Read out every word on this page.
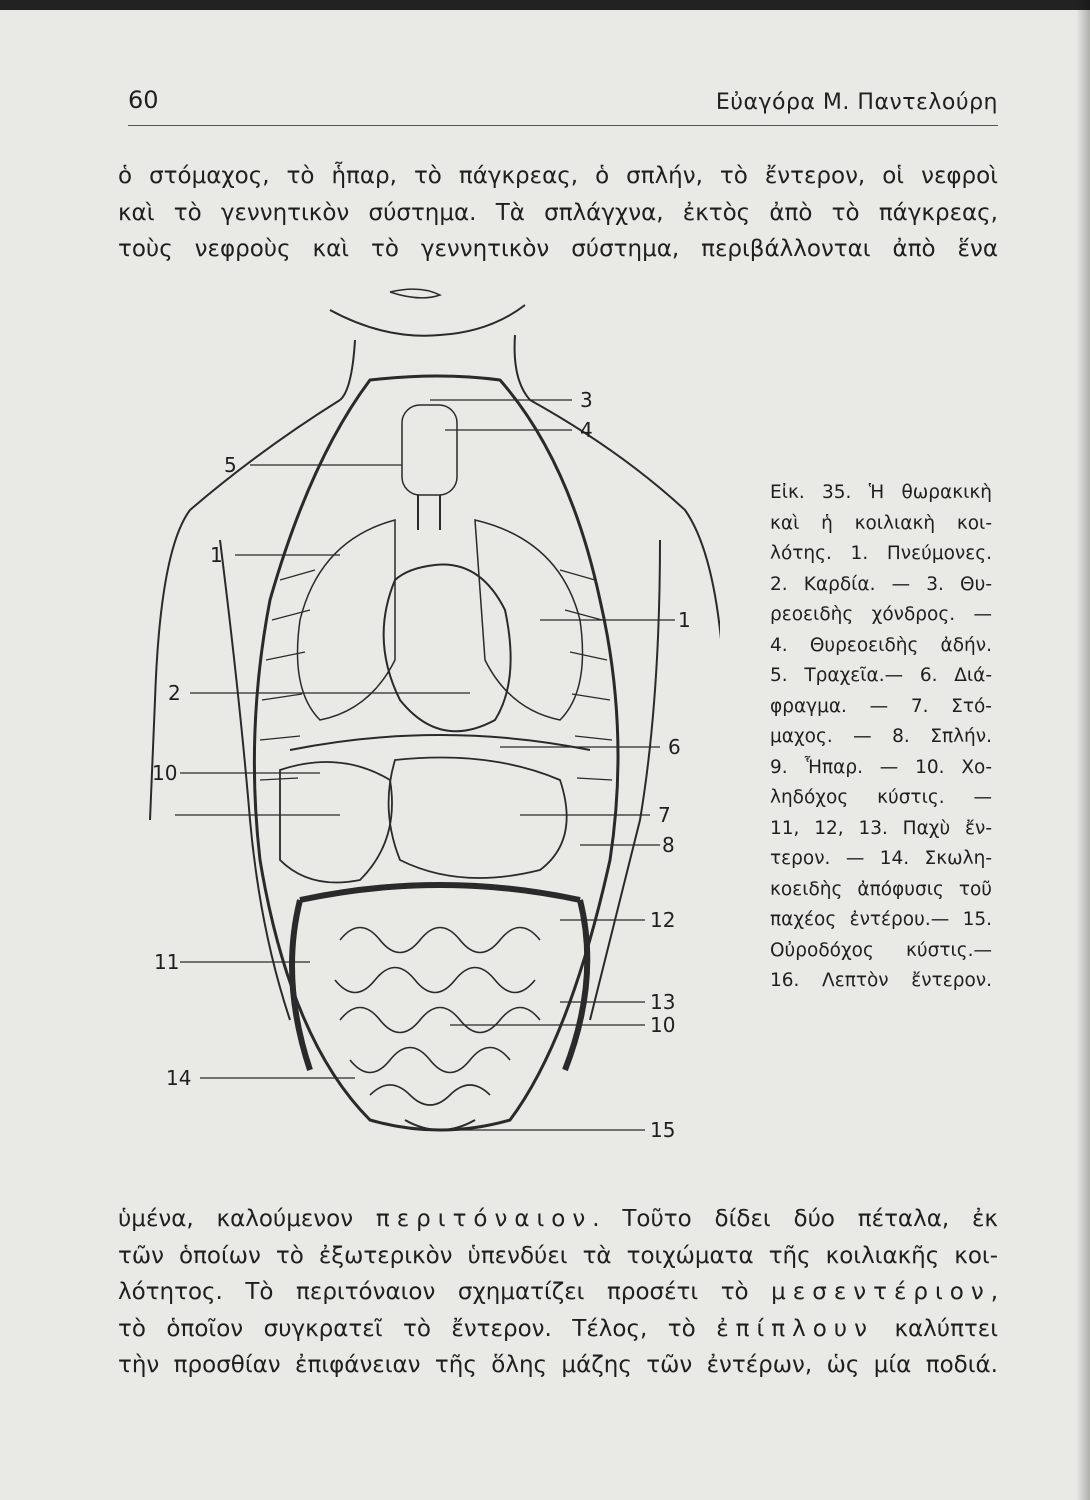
60	Εὐαγόρα Μ. Παντελούρη
ὁ στόμαχος, τὸ ἧπαρ, τὸ πάγκρεας, ὁ σπλήν, τὸ ἔντερον, οἱ νεφροὶ
καὶ τὸ γεννητικὸν σύστημα. Τὰ σπλάγχνα, ἐκτὸς ἀπὸ τὸ πάγκρεας,
τοὺς νεφροὺς καὶ τὸ γεννητικὸν σύστημα, περιβάλλονται ἀπὸ ἕνα
3
4
5
1
1
2
6
10
7
8
12
11
13
10
14
15
Εἰκ. 35. Ἡ θωρακικὴ
καὶ ἡ κοιλιακὴ κοι-
λότης. 1. Πνεύμονες.
2. Καρδία. — 3. Θυ-
ρεοειδὴς χόνδρος. —
4. Θυρεοειδὴς ἀδήν.
5. Τραχεῖα.— 6. Διά-
φραγμα. — 7. Στό-
μαχος. — 8. Σπλήν.
9. Ἧπαρ. — 10. Χο-
ληδόχος κύστις. —
11, 12, 13. Παχὺ ἔν-
τερον. — 14. Σκωλη-
κοειδὴς ἀπόφυσις τοῦ
παχέος ἐντέρου.— 15.
Οὐροδόχος κύστις.—
16. Λεπτὸν ἔντερον.
ὑμένα, καλούμενον περιτόναιον. Τοῦτο δίδει δύο πέταλα, ἐκ
τῶν ὁποίων τὸ ἐξωτερικὸν ὑπενδύει τὰ τοιχώματα τῆς κοιλιακῆς κοι-
λότητος. Τὸ περιτόναιον σχηματίζει προσέτι τὸ μεσεντέριον,
τὸ ὁποῖον συγκρατεῖ τὸ ἔντερον. Τέλος, τὸ ἐπίπλουν καλύπτει
τὴν προσθίαν ἐπιφάνειαν τῆς ὅλης μάζης τῶν ἐντέρων, ὡς μία ποδιά.
